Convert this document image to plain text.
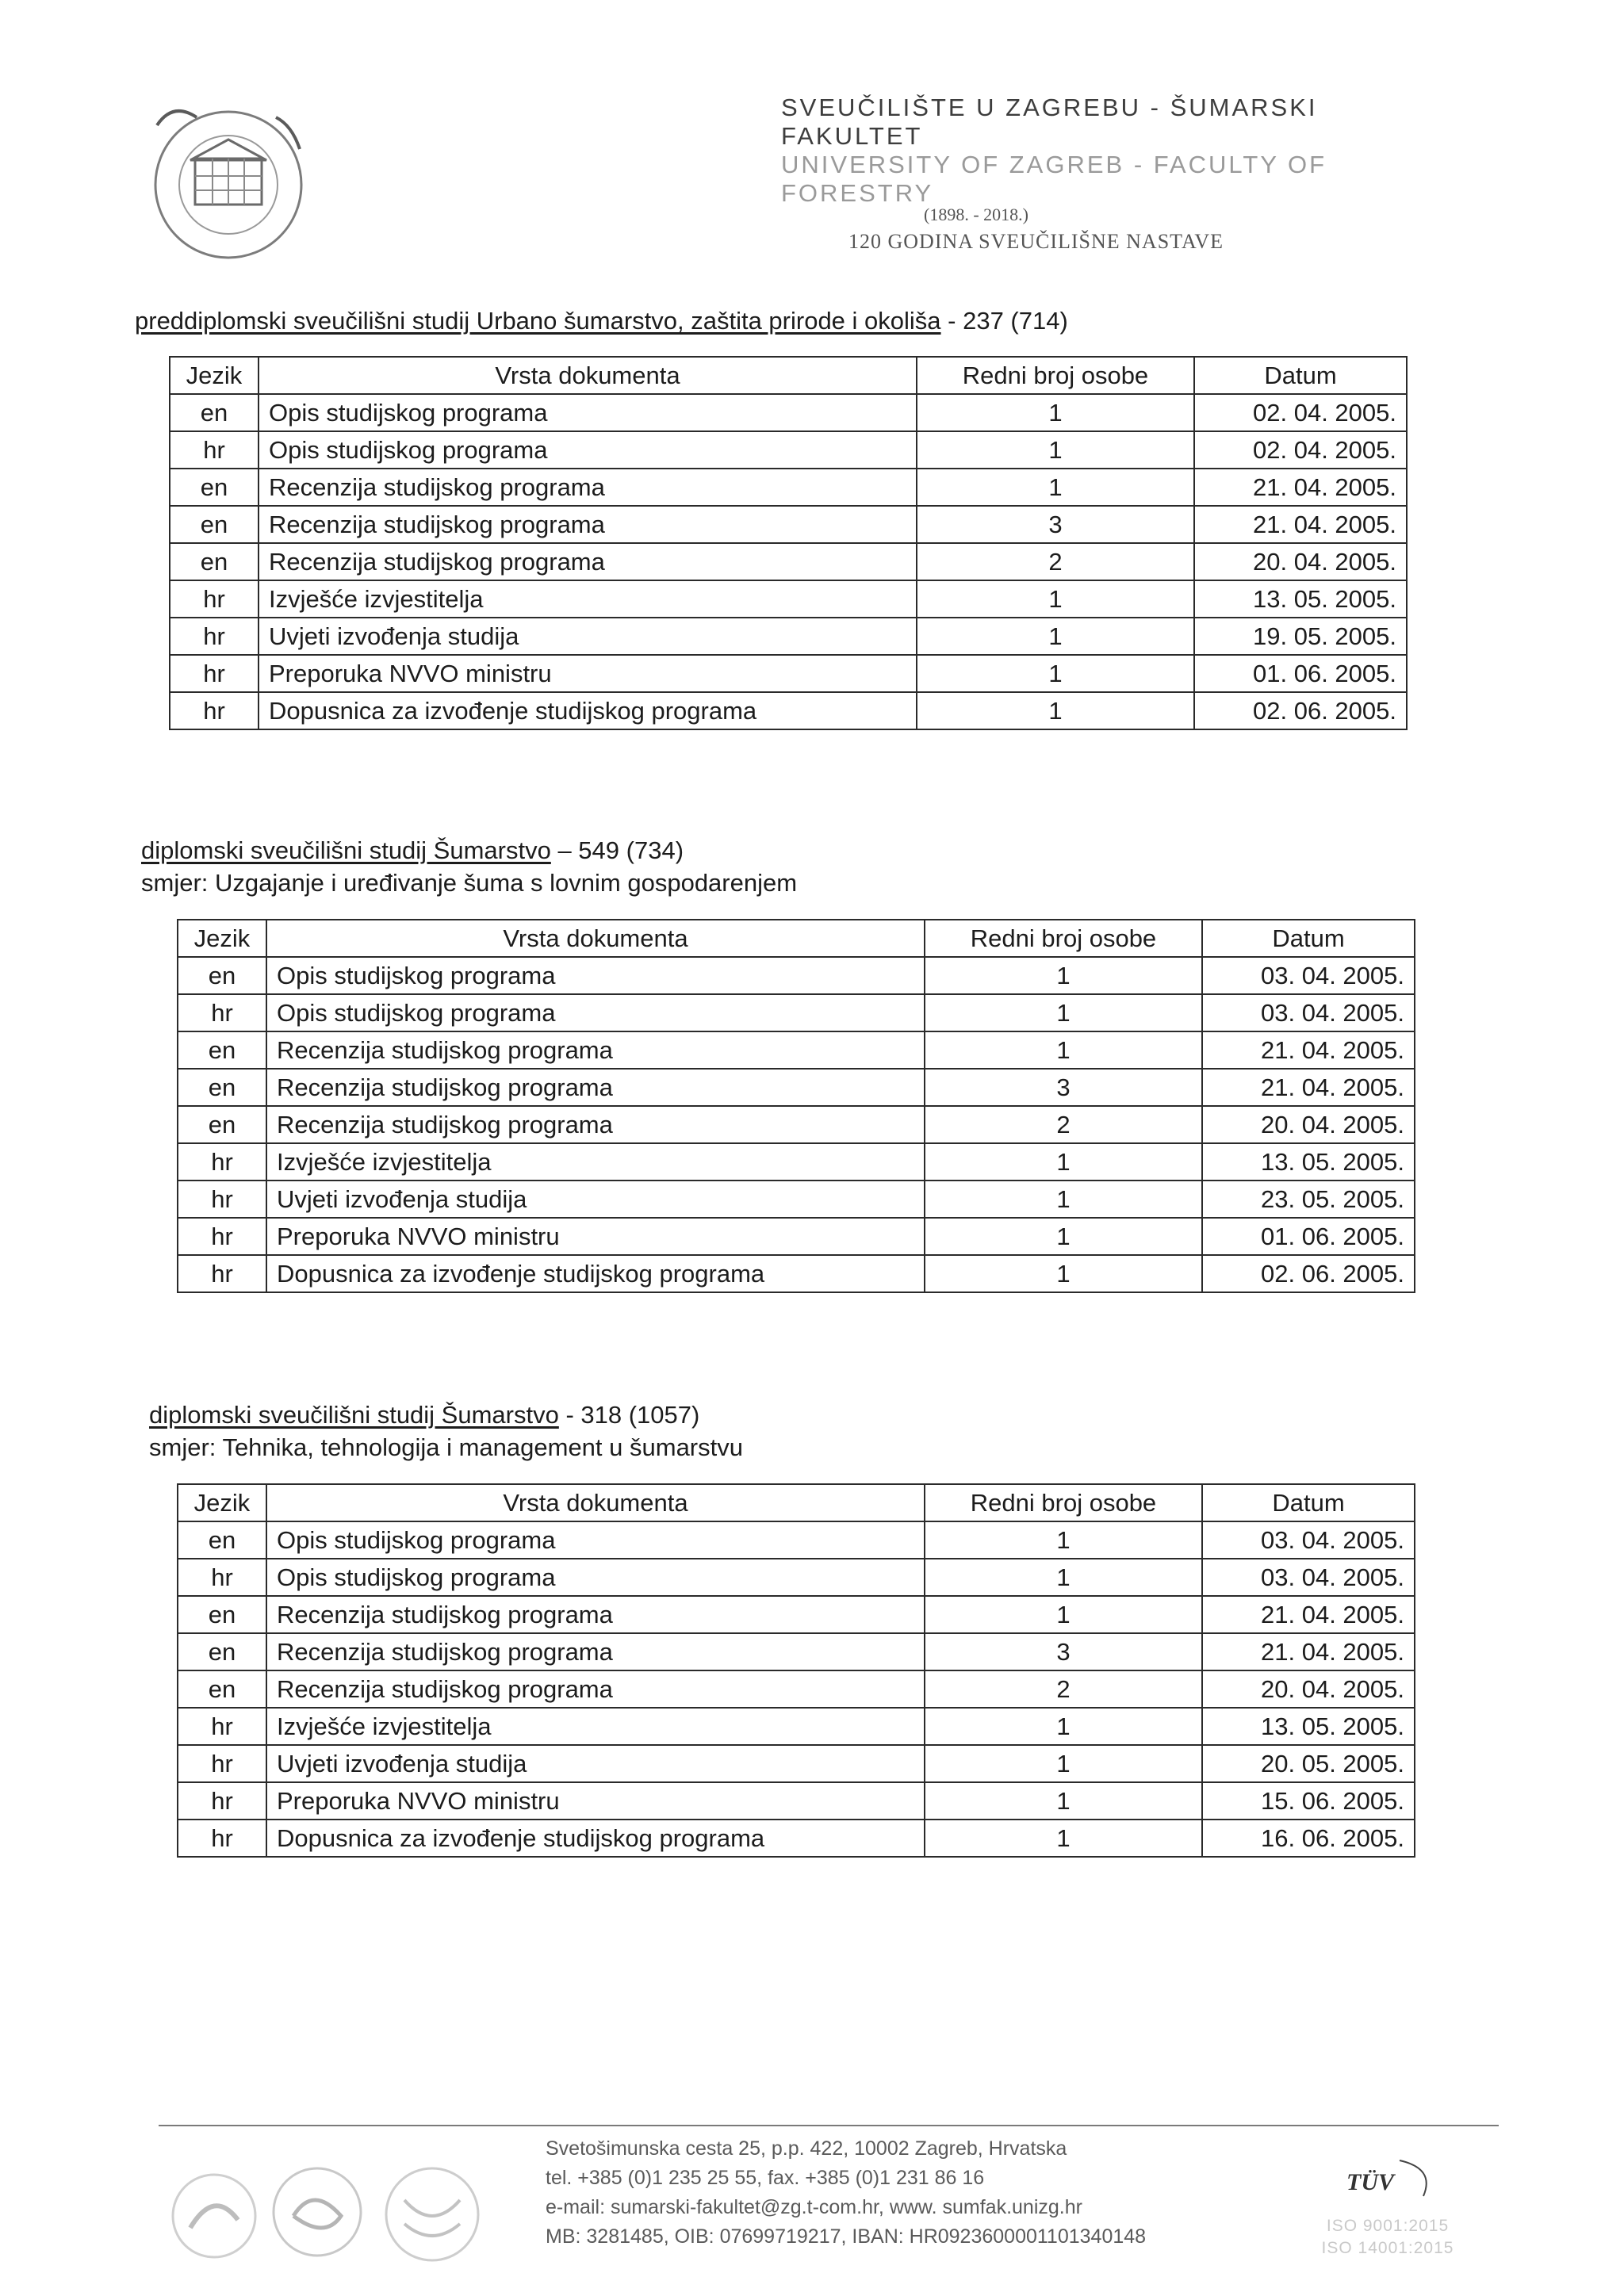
SVEUČILIŠTE U ZAGREBU - ŠUMARSKI FAKULTET
UNIVERSITY OF ZAGREB - FACULTY OF FORESTRY
(1898. - 2018.)
120 GODINA SVEUČILIŠNE NASTAVE
preddiplomski sveučilišni studij Urbano šumarstvo, zaštita prirode i okoliša - 237 (714)
Jezik	Vrsta dokumenta	Redni broj osobe	Datum
en	Opis studijskog programa	1	02. 04. 2005.
hr	Opis studijskog programa	1	02. 04. 2005.
en	Recenzija studijskog programa	1	21. 04. 2005.
en	Recenzija studijskog programa	3	21. 04. 2005.
en	Recenzija studijskog programa	2	20. 04. 2005.
hr	Izvješće izvjestitelja	1	13. 05. 2005.
hr	Uvjeti izvođenja studija	1	19. 05. 2005.
hr	Preporuka NVVO ministru	1	01. 06. 2005.
hr	Dopusnica za izvođenje studijskog programa	1	02. 06. 2005.
diplomski sveučilišni studij Šumarstvo – 549 (734)
smjer: Uzgajanje i uređivanje šuma s lovnim gospodarenjem
Jezik	Vrsta dokumenta	Redni broj osobe	Datum
en	Opis studijskog programa	1	03. 04. 2005.
hr	Opis studijskog programa	1	03. 04. 2005.
en	Recenzija studijskog programa	1	21. 04. 2005.
en	Recenzija studijskog programa	3	21. 04. 2005.
en	Recenzija studijskog programa	2	20. 04. 2005.
hr	Izvješće izvjestitelja	1	13. 05. 2005.
hr	Uvjeti izvođenja studija	1	23. 05. 2005.
hr	Preporuka NVVO ministru	1	01. 06. 2005.
hr	Dopusnica za izvođenje studijskog programa	1	02. 06. 2005.
diplomski sveučilišni studij Šumarstvo - 318 (1057)
smjer: Tehnika, tehnologija i management u šumarstvu
Jezik	Vrsta dokumenta	Redni broj osobe	Datum
en	Opis studijskog programa	1	03. 04. 2005.
hr	Opis studijskog programa	1	03. 04. 2005.
en	Recenzija studijskog programa	1	21. 04. 2005.
en	Recenzija studijskog programa	3	21. 04. 2005.
en	Recenzija studijskog programa	2	20. 04. 2005.
hr	Izvješće izvjestitelja	1	13. 05. 2005.
hr	Uvjeti izvođenja studija	1	20. 05. 2005.
hr	Preporuka NVVO ministru	1	15. 06. 2005.
hr	Dopusnica za izvođenje studijskog programa	1	16. 06. 2005.
Svetošimunska cesta 25, p.p. 422, 10002 Zagreb, Hrvatska
tel. +385 (0)1 235 25 55, fax. +385 (0)1 231 86 16
e-mail: sumarski-fakultet@zg.t-com.hr, www. sumfak.unizg.hr
MB: 3281485, OIB: 07699719217, IBAN: HR0923600001101340148
TÜV
ISO 9001:2015
ISO 14001:2015
